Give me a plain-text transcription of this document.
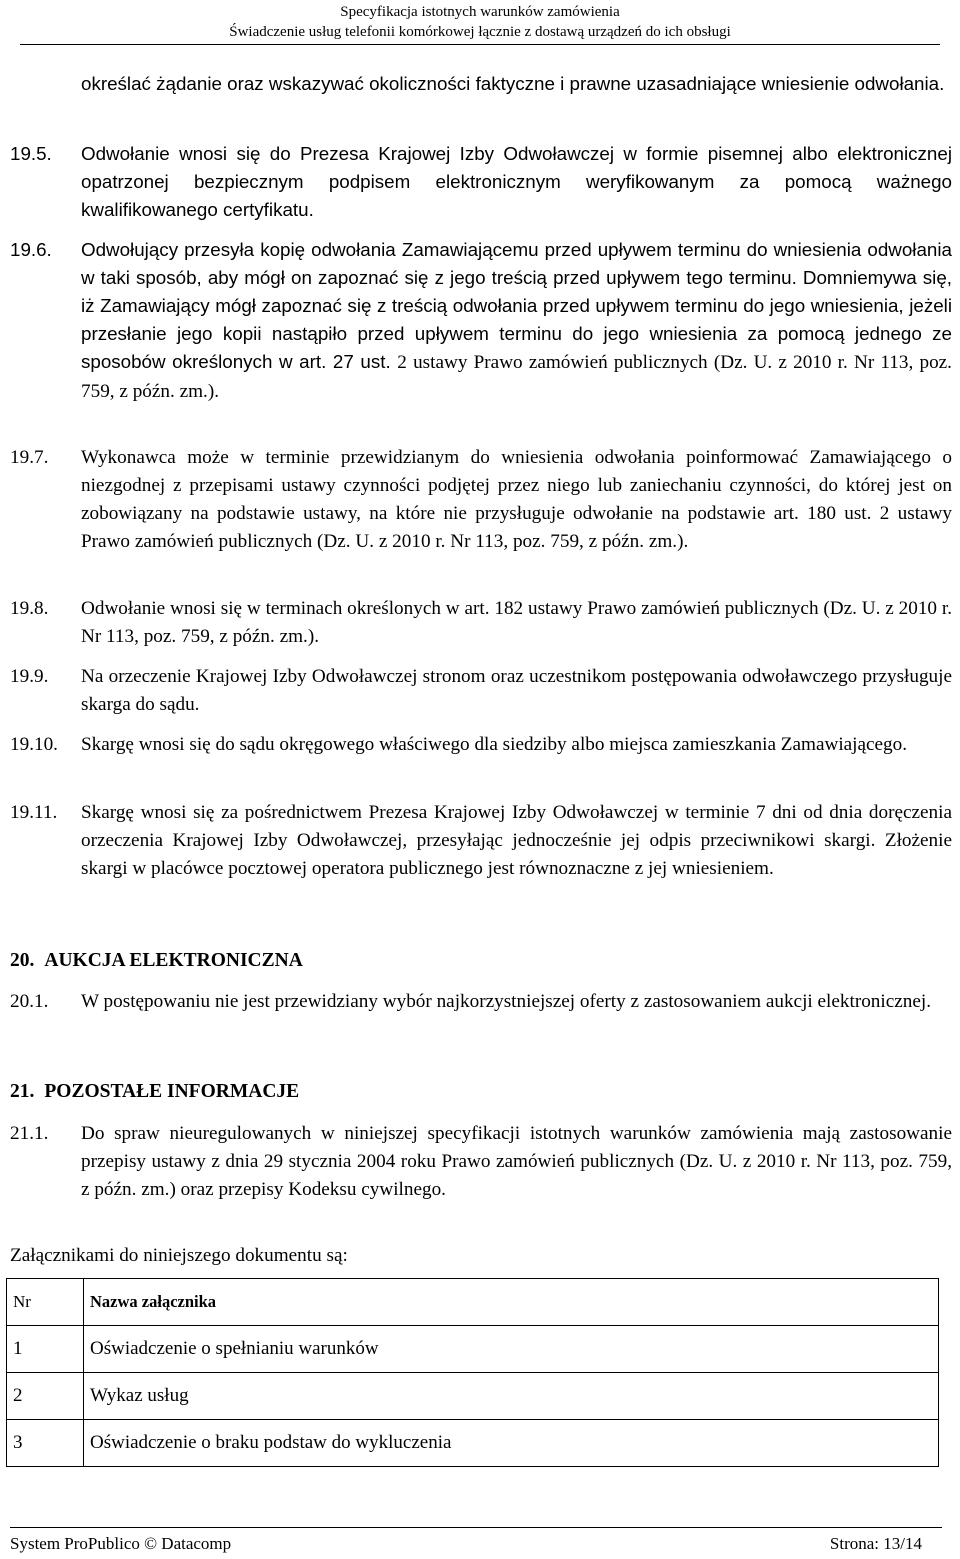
Specyfikacja istotnych warunków zamówienia
Świadczenie usług telefonii komórkowej łącznie z dostawą urządzeń do ich obsługi
określać żądanie oraz wskazywać okoliczności faktyczne i prawne uzasadniające wniesienie odwołania.
19.5. Odwołanie wnosi się do Prezesa Krajowej Izby Odwoławczej w formie pisemnej albo elektronicznej opatrzonej bezpiecznym podpisem elektronicznym weryfikowanym za pomocą ważnego kwalifikowanego certyfikatu.
19.6. Odwołujący przesyła kopię odwołania Zamawiającemu przed upływem terminu do wniesienia odwołania w taki sposób, aby mógł on zapoznać się z jego treścią przed upływem tego terminu. Domniemywa się, iż Zamawiający mógł zapoznać się z treścią odwołania przed upływem terminu do jego wniesienia, jeżeli przesłanie jego kopii nastąpiło przed upływem terminu do jego wniesienia za pomocą jednego ze sposobów określonych w art. 27 ust. 2 ustawy Prawo zamówień publicznych (Dz. U. z 2010 r. Nr 113, poz. 759, z późn. zm.).
19.7. Wykonawca może w terminie przewidzianym do wniesienia odwołania poinformować Zamawiającego o niezgodnej z przepisami ustawy czynności podjętej przez niego lub zaniechaniu czynności, do której jest on zobowiązany na podstawie ustawy, na które nie przysługuje odwołanie na podstawie art. 180 ust. 2 ustawy Prawo zamówień publicznych (Dz. U. z 2010 r. Nr 113, poz. 759, z późn. zm.).
19.8. Odwołanie wnosi się w terminach określonych w art. 182 ustawy Prawo zamówień publicznych (Dz. U. z 2010 r. Nr 113, poz. 759, z późn. zm.).
19.9. Na orzeczenie Krajowej Izby Odwoławczej stronom oraz uczestnikom postępowania odwoławczego przysługuje skarga do sądu.
19.10. Skargę wnosi się do sądu okręgowego właściwego dla siedziby albo miejsca zamieszkania Zamawiającego.
19.11. Skargę wnosi się za pośrednictwem Prezesa Krajowej Izby Odwoławczej w terminie 7 dni od dnia doręczenia orzeczenia Krajowej Izby Odwoławczej, przesyłając jednocześnie jej odpis przeciwnikowi skargi. Złożenie skargi w placówce pocztowej operatora publicznego jest równoznaczne z jej wniesieniem.
20. AUKCJA ELEKTRONICZNA
20.1. W postępowaniu nie jest przewidziany wybór najkorzystniejszej oferty z zastosowaniem aukcji elektronicznej.
21. POZOSTAŁE INFORMACJE
21.1. Do spraw nieuregulowanych w niniejszej specyfikacji istotnych warunków zamówienia mają zastosowanie przepisy ustawy z dnia 29 stycznia 2004 roku Prawo zamówień publicznych (Dz. U. z 2010 r. Nr 113, poz. 759, z późn. zm.) oraz przepisy Kodeksu cywilnego.
Załącznikami do niniejszego dokumentu są:
Nr	Nazwa załącznika
1	Oświadczenie o spełnianiu warunków
2	Wykaz usług
3	Oświadczenie o braku podstaw do wykluczenia
System ProPublico © Datacomp	Strona: 13/14
